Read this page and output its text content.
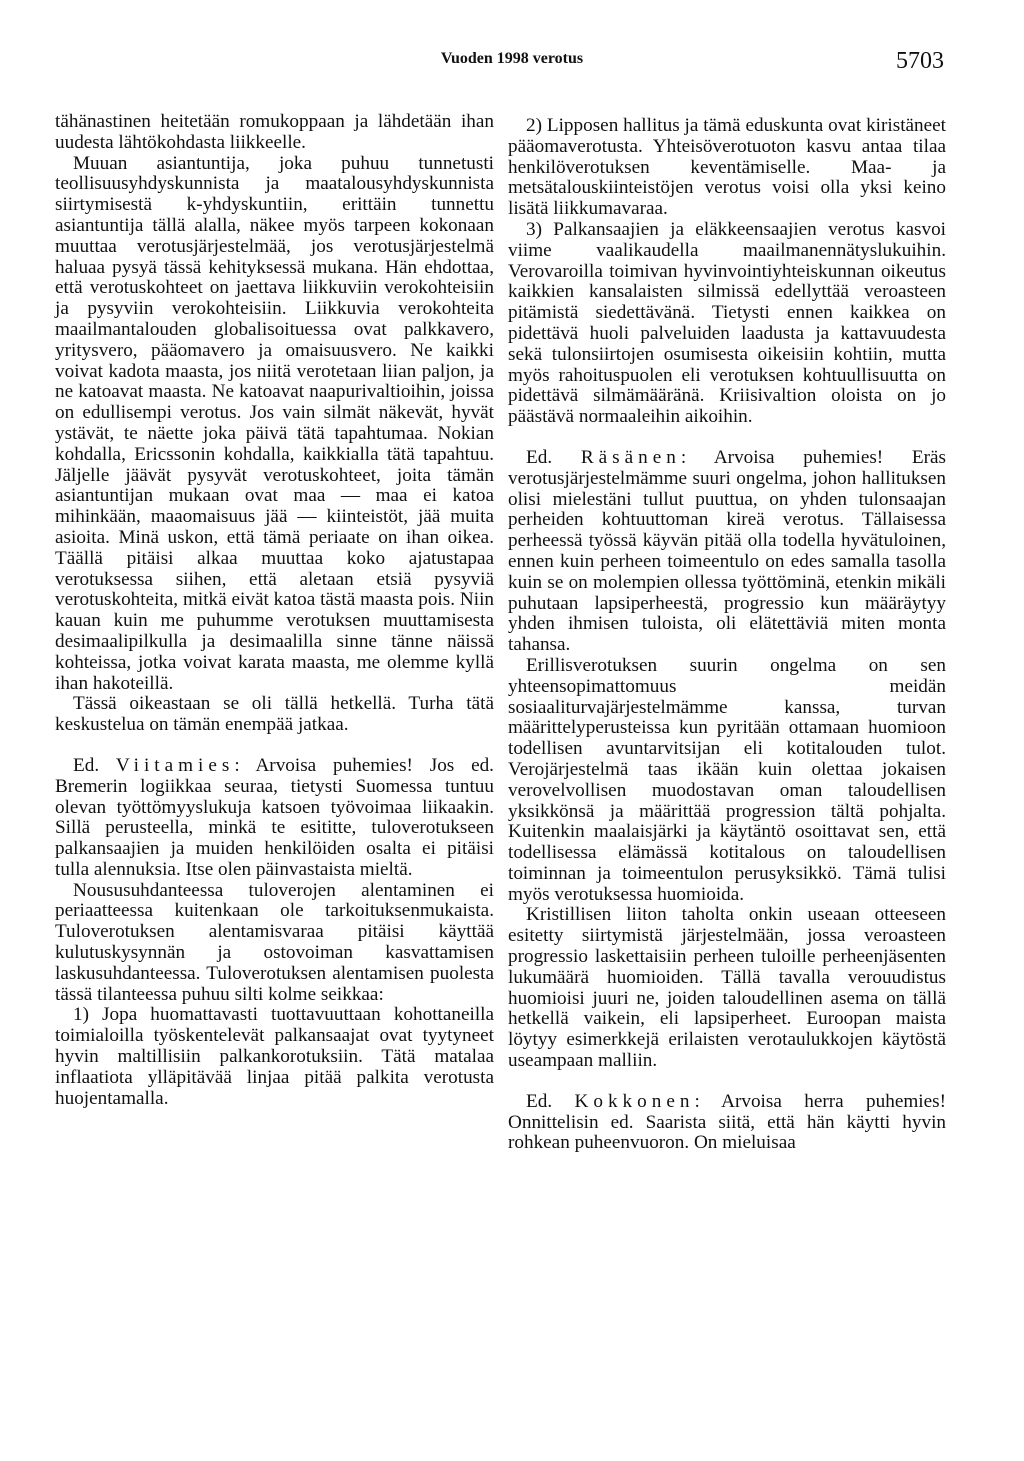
Vuoden 1998 verotus	5703

tähänastinen heitetään romukoppaan ja lähdetään ihan uudesta lähtökohdasta liikkeelle.

Muuan asiantuntija, joka puhuu tunnetusti teollisuusyhdyskunnista ja maatalousyhdyskunnista siirtymisestä k-yhdyskuntiin, erittäin tunnettu asiantuntija tällä alalla, näkee myös tarpeen kokonaan muuttaa verotusjärjestelmää, jos verotusjärjestelmä haluaa pysyä tässä kehityksessä mukana. Hän ehdottaa, että verotuskohteet on jaettava liikkuviin verokohteisiin ja pysyviin verokohteisiin. Liikkuvia verokohteita maailmantalouden globalisoituessa ovat palkkavero, yritysvero, pääomavero ja omaisuusvero. Ne kaikki voivat kadota maasta, jos niitä verotetaan liian paljon, ja ne katoavat maasta. Ne katoavat naapurivaltioihin, joissa on edullisempi verotus. Jos vain silmät näkevät, hyvät ystävät, te näette joka päivä tätä tapahtumaa. Nokian kohdalla, Ericssonin kohdalla, kaikkialla tätä tapahtuu. Jäljelle jäävät pysyvät verotuskohteet, joita tämän asiantuntijan mukaan ovat maa — maa ei katoa mihinkään, maaomaisuus jää — kiinteistöt, jää muita asioita. Minä uskon, että tämä periaate on ihan oikea. Täällä pitäisi alkaa muuttaa koko ajatustapaa verotuksessa siihen, että aletaan etsiä pysyviä verotuskohteita, mitkä eivät katoa tästä maasta pois. Niin kauan kuin me puhumme verotuksen muuttamisesta desimaalipilkulla ja desimaalilla sinne tänne näissä kohteissa, jotka voivat karata maasta, me olemme kyllä ihan hakoteillä.

Tässä oikeastaan se oli tällä hetkellä. Turha tätä keskustelua on tämän enempää jatkaa.

Ed. Viitamies: Arvoisa puhemies! Jos ed. Bremerin logiikkaa seuraa, tietysti Suomessa tuntuu olevan työttömyyslukuja katsoen työvoimaa liikaakin. Sillä perusteella, minkä te esititte, tuloverotukseen palkansaajien ja muiden henkilöiden osalta ei pitäisi tulla alennuksia. Itse olen päinvastaista mieltä.

Noususuhdanteessa tuloverojen alentaminen ei periaatteessa kuitenkaan ole tarkoituksenmukaista. Tuloverotuksen alentamisvaraa pitäisi käyttää kulutuskysynnän ja ostovoiman kasvattamisen laskusuhdanteessa. Tuloverotuksen alentamisen puolesta tässä tilanteessa puhuu silti kolme seikkaa:

1) Jopa huomattavasti tuottavuuttaan kohottaneilla toimialoilla työskentelevät palkansaajat ovat tyytyneet hyvin maltillisiin palkankorotuksiin. Tätä matalaa inflaatiota ylläpitävää linjaa pitää palkita verotusta huojentamalla.

2) Lipposen hallitus ja tämä eduskunta ovat kiristäneet pääomaverotusta. Yhteisöverotuoton kasvu antaa tilaa henkilöverotuksen keventämiselle. Maa- ja metsätalouskiinteistöjen verotus voisi olla yksi keino lisätä liikkumavaraa.

3) Palkansaajien ja eläkkeensaajien verotus kasvoi viime vaalikaudella maailmanennätyslukuihin. Verovaroilla toimivan hyvinvointiyhteiskunnan oikeutus kaikkien kansalaisten silmissä edellyttää veroasteen pitämistä siedettävänä. Tietysti ennen kaikkea on pidettävä huoli palveluiden laadusta ja kattavuudesta sekä tulonsiirtojen osumisesta oikeisiin kohtiin, mutta myös rahoituspuolen eli verotuksen kohtuullisuutta on pidettävä silmämääränä. Kriisivaltion oloista on jo päästävä normaaleihin aikoihin.

Ed. Räsänen: Arvoisa puhemies! Eräs verotusjärjestelmämme suuri ongelma, johon hallituksen olisi mielestäni tullut puuttua, on yhden tulonsaajan perheiden kohtuuttoman kireä verotus. Tällaisessa perheessä työssä käyvän pitää olla todella hyvätuloinen, ennen kuin perheen toimeentulo on edes samalla tasolla kuin se on molempien ollessa työttöminä, etenkin mikäli puhutaan lapsiperheestä, progressio kun määräytyy yhden ihmisen tuloista, oli elätettäviä miten monta tahansa.

Erillisverotuksen suurin ongelma on sen yhteensopimattomuus meidän sosiaaliturvajärjestelmämme kanssa, turvan määrittelyperusteissa kun pyritään ottamaan huomioon todellisen avuntarvitsijan eli kotitalouden tulot. Verojärjestelmä taas ikään kuin olettaa jokaisen verovelvollisen muodostavan oman taloudellisen yksikkönsä ja määrittää progression tältä pohjalta. Kuitenkin maalaisjärki ja käytäntö osoittavat sen, että todellisessa elämässä kotitalous on taloudellisen toiminnan ja toimeentulon perusyksikkö. Tämä tulisi myös verotuksessa huomioida.

Kristillisen liiton taholta onkin useaan otteeseen esitetty siirtymistä järjestelmään, jossa veroasteen progressio laskettaisiin perheen tuloille perheenjäsenten lukumäärä huomioiden. Tällä tavalla verouudistus huomioisi juuri ne, joiden taloudellinen asema on tällä hetkellä vaikein, eli lapsiperheet. Euroopan maista löytyy esimerkkejä erilaisten verotaulukkojen käytöstä useampaan malliin.

Ed. Kokkonen: Arvoisa herra puhemies! Onnittelisin ed. Saarista siitä, että hän käytti hyvin rohkean puheenvuoron. On mieluisaa
